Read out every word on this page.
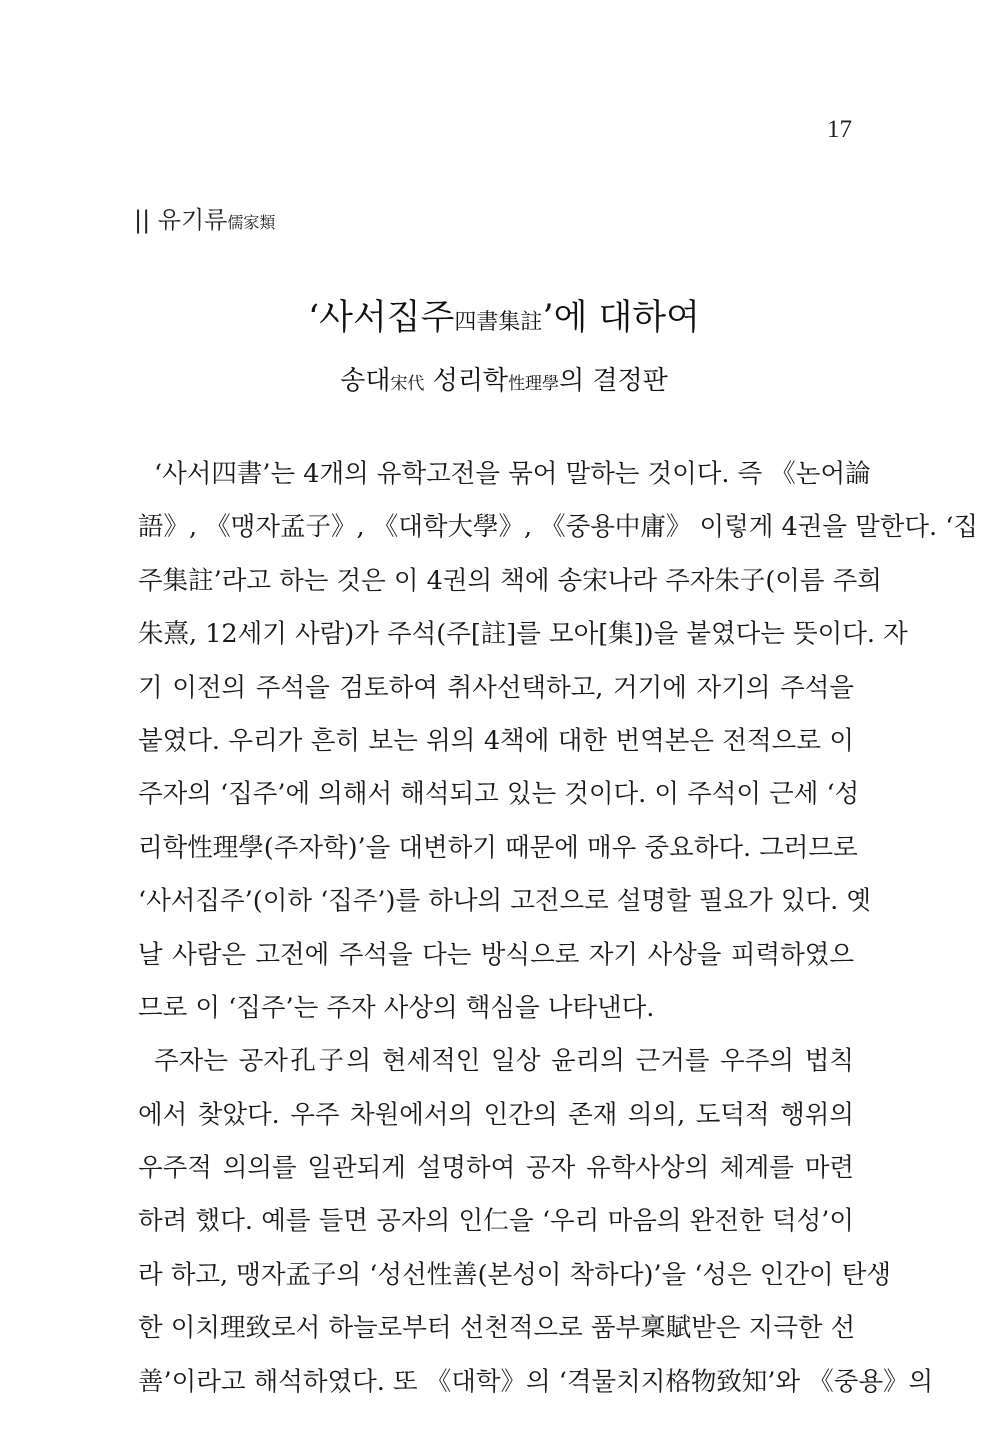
17
|| 유기류儒家類
‘사서집주四書集註’에 대하여
송대宋代 성리학性理學의 결정판
‘사서四書’는 4개의 유학고전을 묶어 말하는 것이다. 즉 《논어論
語》, 《맹자孟子》, 《대학大學》, 《중용中庸》 이렇게 4권을 말한다. ‘집
주集註’라고 하는 것은 이 4권의 책에 송宋나라 주자朱子(이름 주희
朱熹, 12세기 사람)가 주석(주[註]를 모아[集])을 붙였다는 뜻이다. 자
기 이전의 주석을 검토하여 취사선택하고, 거기에 자기의 주석을
붙였다. 우리가 흔히 보는 위의 4책에 대한 번역본은 전적으로 이
주자의 ‘집주’에 의해서 해석되고 있는 것이다. 이 주석이 근세 ‘성
리학性理學(주자학)’을 대변하기 때문에 매우 중요하다. 그러므로
‘사서집주’(이하 ‘집주’)를 하나의 고전으로 설명할 필요가 있다. 옛
날 사람은 고전에 주석을 다는 방식으로 자기 사상을 피력하였으
므로 이 ‘집주’는 주자 사상의 핵심을 나타낸다.
주자는 공자孔子의 현세적인 일상 윤리의 근거를 우주의 법칙
에서 찾았다. 우주 차원에서의 인간의 존재 의의, 도덕적 행위의
우주적 의의를 일관되게 설명하여 공자 유학사상의 체계를 마련
하려 했다. 예를 들면 공자의 인仁을 ‘우리 마음의 완전한 덕성’이
라 하고, 맹자孟子의 ‘성선性善(본성이 착하다)’을 ‘성은 인간이 탄생
한 이치理致로서 하늘로부터 선천적으로 품부稟賦받은 지극한 선
善’이라고 해석하였다. 또 《대학》의 ‘격물치지格物致知’와 《중용》의
